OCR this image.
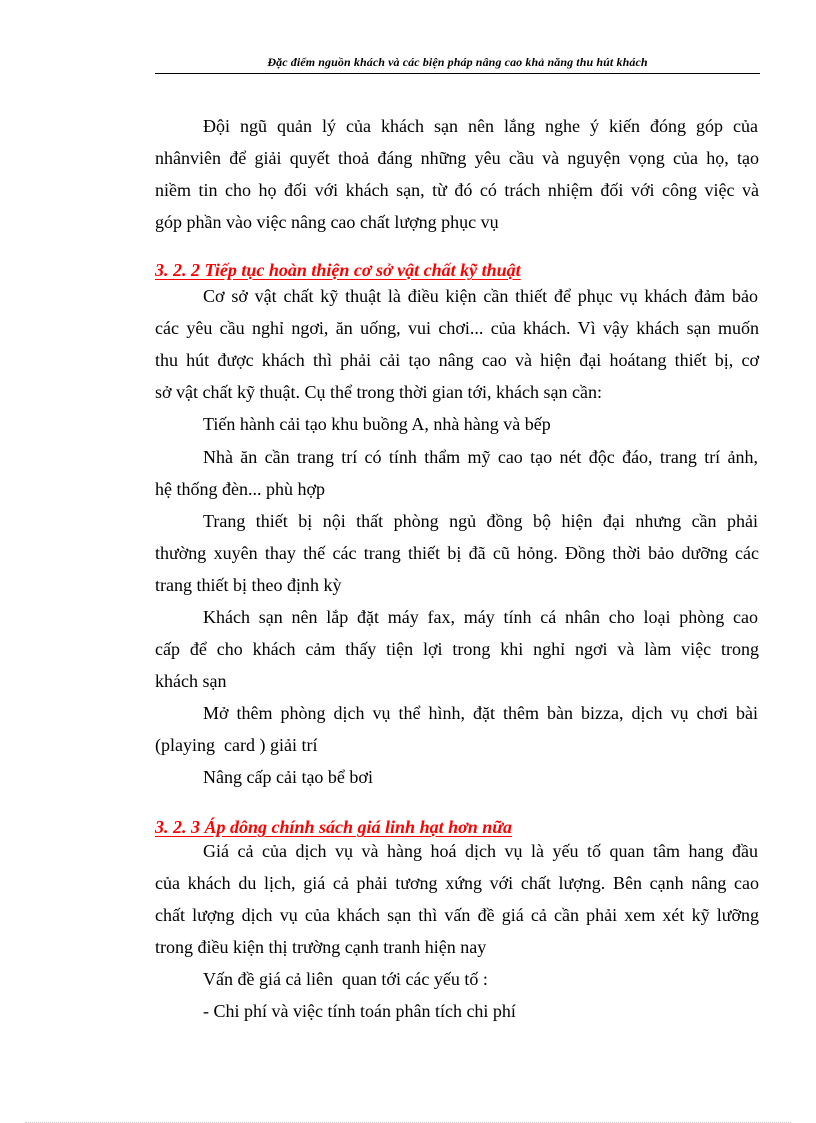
Đặc điểm nguồn khách và các biện pháp nâng cao khả năng thu hút khách
Đội ngũ quản lý của khách sạn nên lắng nghe ý kiến đóng góp của
nhânviên để giải quyết thoả đáng những yêu cầu và nguyện vọng của họ, tạo
niềm tin cho họ đối với khách sạn, từ đó có trách nhiệm đối với công việc và
góp phần vào việc nâng cao chất lượng phục vụ
3. 2. 2 Tiếp tục hoàn thiện cơ sở vật chất kỹ thuật
Cơ sở vật chất kỹ thuật là điều kiện cần thiết để phục vụ khách đảm bảo
các yêu cầu nghỉ ngơi, ăn uống, vui chơi... của khách. Vì vậy khách sạn muốn
thu hút được khách thì phải cải tạo nâng cao và hiện đại hoátang thiết bị, cơ
sở vật chất kỹ thuật. Cụ thể trong thời gian tới, khách sạn cần:
Tiến hành cải tạo khu buồng A, nhà hàng và bếp
Nhà ăn cần trang trí có tính thẩm mỹ cao tạo nét độc đáo, trang trí ảnh,
hệ thống đèn... phù hợp
Trang thiết bị nội thất phòng ngủ đồng bộ hiện đại nhưng cần phải
thường xuyên thay thế các trang thiết bị đã cũ hỏng. Đồng thời bảo dưỡng các
trang thiết bị theo định kỳ
Khách sạn nên lắp đặt máy fax, máy tính cá nhân cho loại phòng cao
cấp để cho khách cảm thấy tiện lợi trong khi nghỉ ngơi và làm việc trong
khách sạn
Mở thêm phòng dịch vụ thể hình, đặt thêm bàn bizza, dịch vụ chơi bài
(playing  card ) giải trí
Nâng cấp cải tạo bể bơi
3. 2. 3 Áp dông chính sách giá linh hạt hơn nữa
Giá cả của dịch vụ và hàng hoá dịch vụ là yếu tố quan tâm hang đầu
của khách du lịch, giá cả phải tương xứng với chất lượng. Bên cạnh nâng cao
chất lượng dịch vụ của khách sạn thì vấn đề giá cả cần phải xem xét kỹ lưỡng
trong điều kiện thị trường cạnh tranh hiện nay
Vấn đề giá cả liên  quan tới các yếu tố :
- Chi phí và việc tính toán phân tích chi phí
